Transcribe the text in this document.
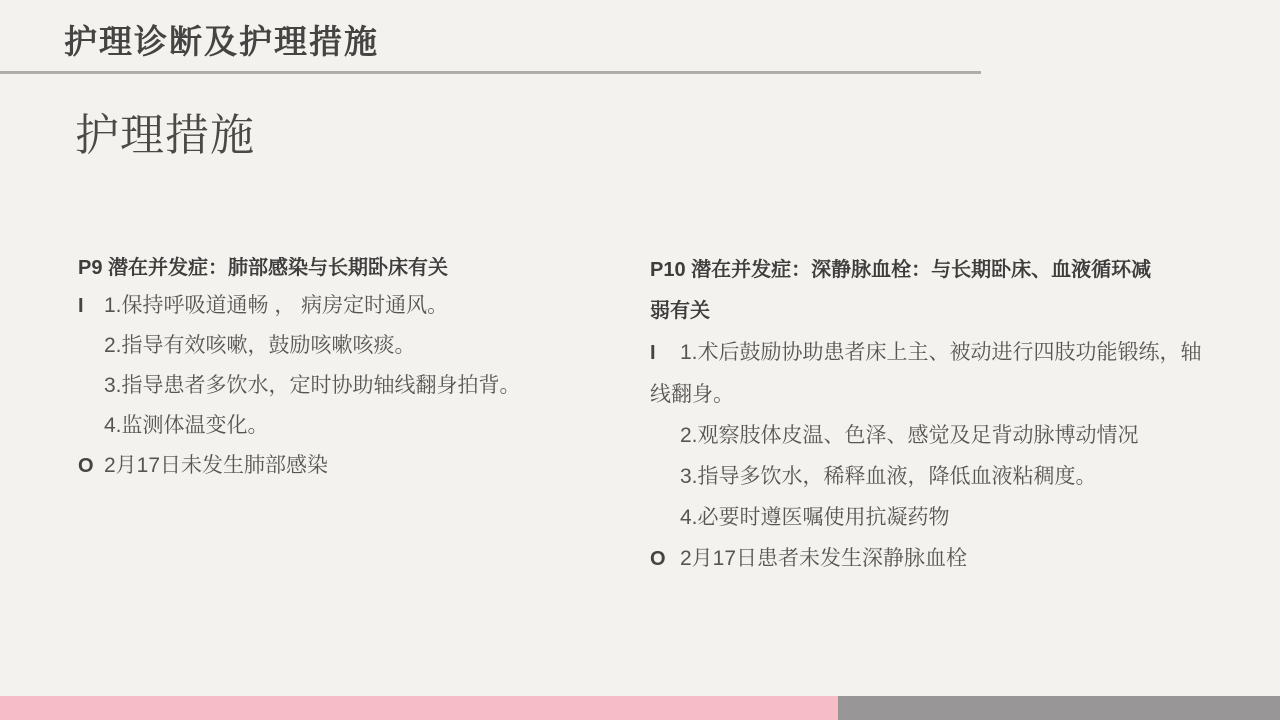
护理诊断及护理措施
护理措施
P9 潜在并发症：肺部感染与长期卧床有关
I 1.保持呼吸道通畅 ， 病房定时通风。
2.指导有效咳嗽，鼓励咳嗽咳痰。
3.指导患者多饮水，定时协助轴线翻身拍背。
4.监测体温变化。
O 2月17日未发生肺部感染
P10 潜在并发症：深静脉血栓：与长期卧床、血液循环减弱有关
I 1.术后鼓励协助患者床上主、被动进行四肢功能锻练，轴线翻身。
2.观察肢体皮温、色泽、感觉及足背动脉博动情况
3.指导多饮水，稀释血液，降低血液粘稠度。
4.必要时遵医嘱使用抗凝药物
O 2月17日患者未发生深静脉血栓
